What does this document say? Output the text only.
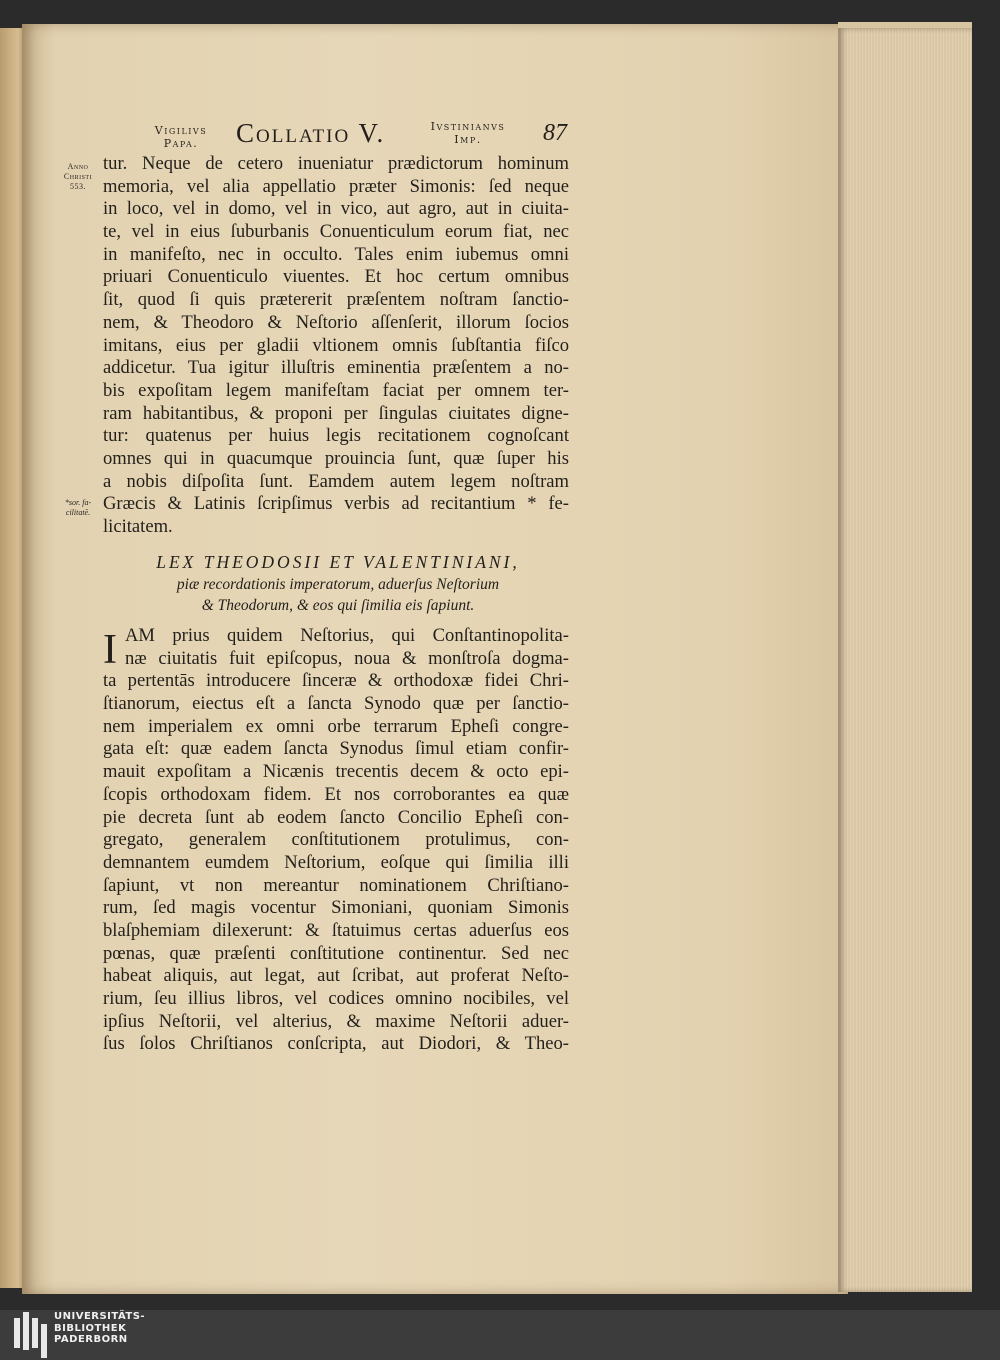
Vigilivs
Papa.	Collatio V.	Ivstinianvs
Imp.	87
Anno
Christi
553.
*sor. fa-
cilitatē.
tur. Neque de cetero inueniatur prædictorum hominum
memoria, vel alia appellatio præter Simonis: ſed neque
in loco, vel in domo, vel in vico, aut agro, aut in ciuita-
te, vel in eius ſuburbanis Conuenticulum eorum fiat, nec
in manifeſto, nec in occulto. Tales enim iubemus omni
priuari Conuenticulo viuentes. Et hoc certum omnibus
ſit, quod ſi quis prætererit præſentem noſtram ſanctio-
nem, & Theodoro & Neſtorio aſſenſerit, illorum ſocios
imitans, eius per gladii vltionem omnis ſubſtantia fiſco
addicetur. Tua igitur illuſtris eminentia præſentem a no-
bis expoſitam legem manifeſtam faciat per omnem ter-
ram habitantibus, & proponi per ſingulas ciuitates digne-
tur: quatenus per huius legis recitationem cognoſcant
omnes qui in quacumque prouincia ſunt, quæ ſuper his
a nobis diſpoſita ſunt. Eamdem autem legem noſtram
Græcis & Latinis ſcripſimus verbis ad recitantium * fe-
licitatem.
LEX THEODOSII ET VALENTINIANI,
piæ recordationis imperatorum, aduerſus Neſtorium
& Theodorum, & eos qui ſimilia eis ſapiunt.
I AM prius quidem Neſtorius, qui Conſtantinopolita-
næ ciuitatis fuit epiſcopus, noua & monſtroſa dogma-
ta pertentās introducere ſinceræ & orthodoxæ fidei Chri-
ſtianorum, eiectus eſt a ſancta Synodo quæ per ſanctio-
nem imperialem ex omni orbe terrarum Epheſi congre-
gata eſt: quæ eadem ſancta Synodus ſimul etiam confir-
mauit expoſitam a Nicænis trecentis decem & octo epi-
ſcopis orthodoxam fidem. Et nos corroborantes ea quæ
pie decreta ſunt ab eodem ſancto Concilio Epheſi con-
gregato, generalem conſtitutionem protulimus, con-
demnantem eumdem Neſtorium, eoſque qui ſimilia illi
ſapiunt, vt non mereantur nominationem Chriſtiano-
rum, ſed magis vocentur Simoniani, quoniam Simonis
blaſphemiam dilexerunt: & ſtatuimus certas aduerſus eos
pœnas, quæ præſenti conſtitutione continentur. Sed nec
habeat aliquis, aut legat, aut ſcribat, aut proferat Neſto-
rium, ſeu illius libros, vel codices omnino nocibiles, vel
ipſius Neſtorii, vel alterius, & maxime Neſtorii aduer-
ſus ſolos Chriſtianos conſcripta, aut Diodori, & Theo-
UNIVERSITÄTS-
BIBLIOTHEK
PADERBORN
